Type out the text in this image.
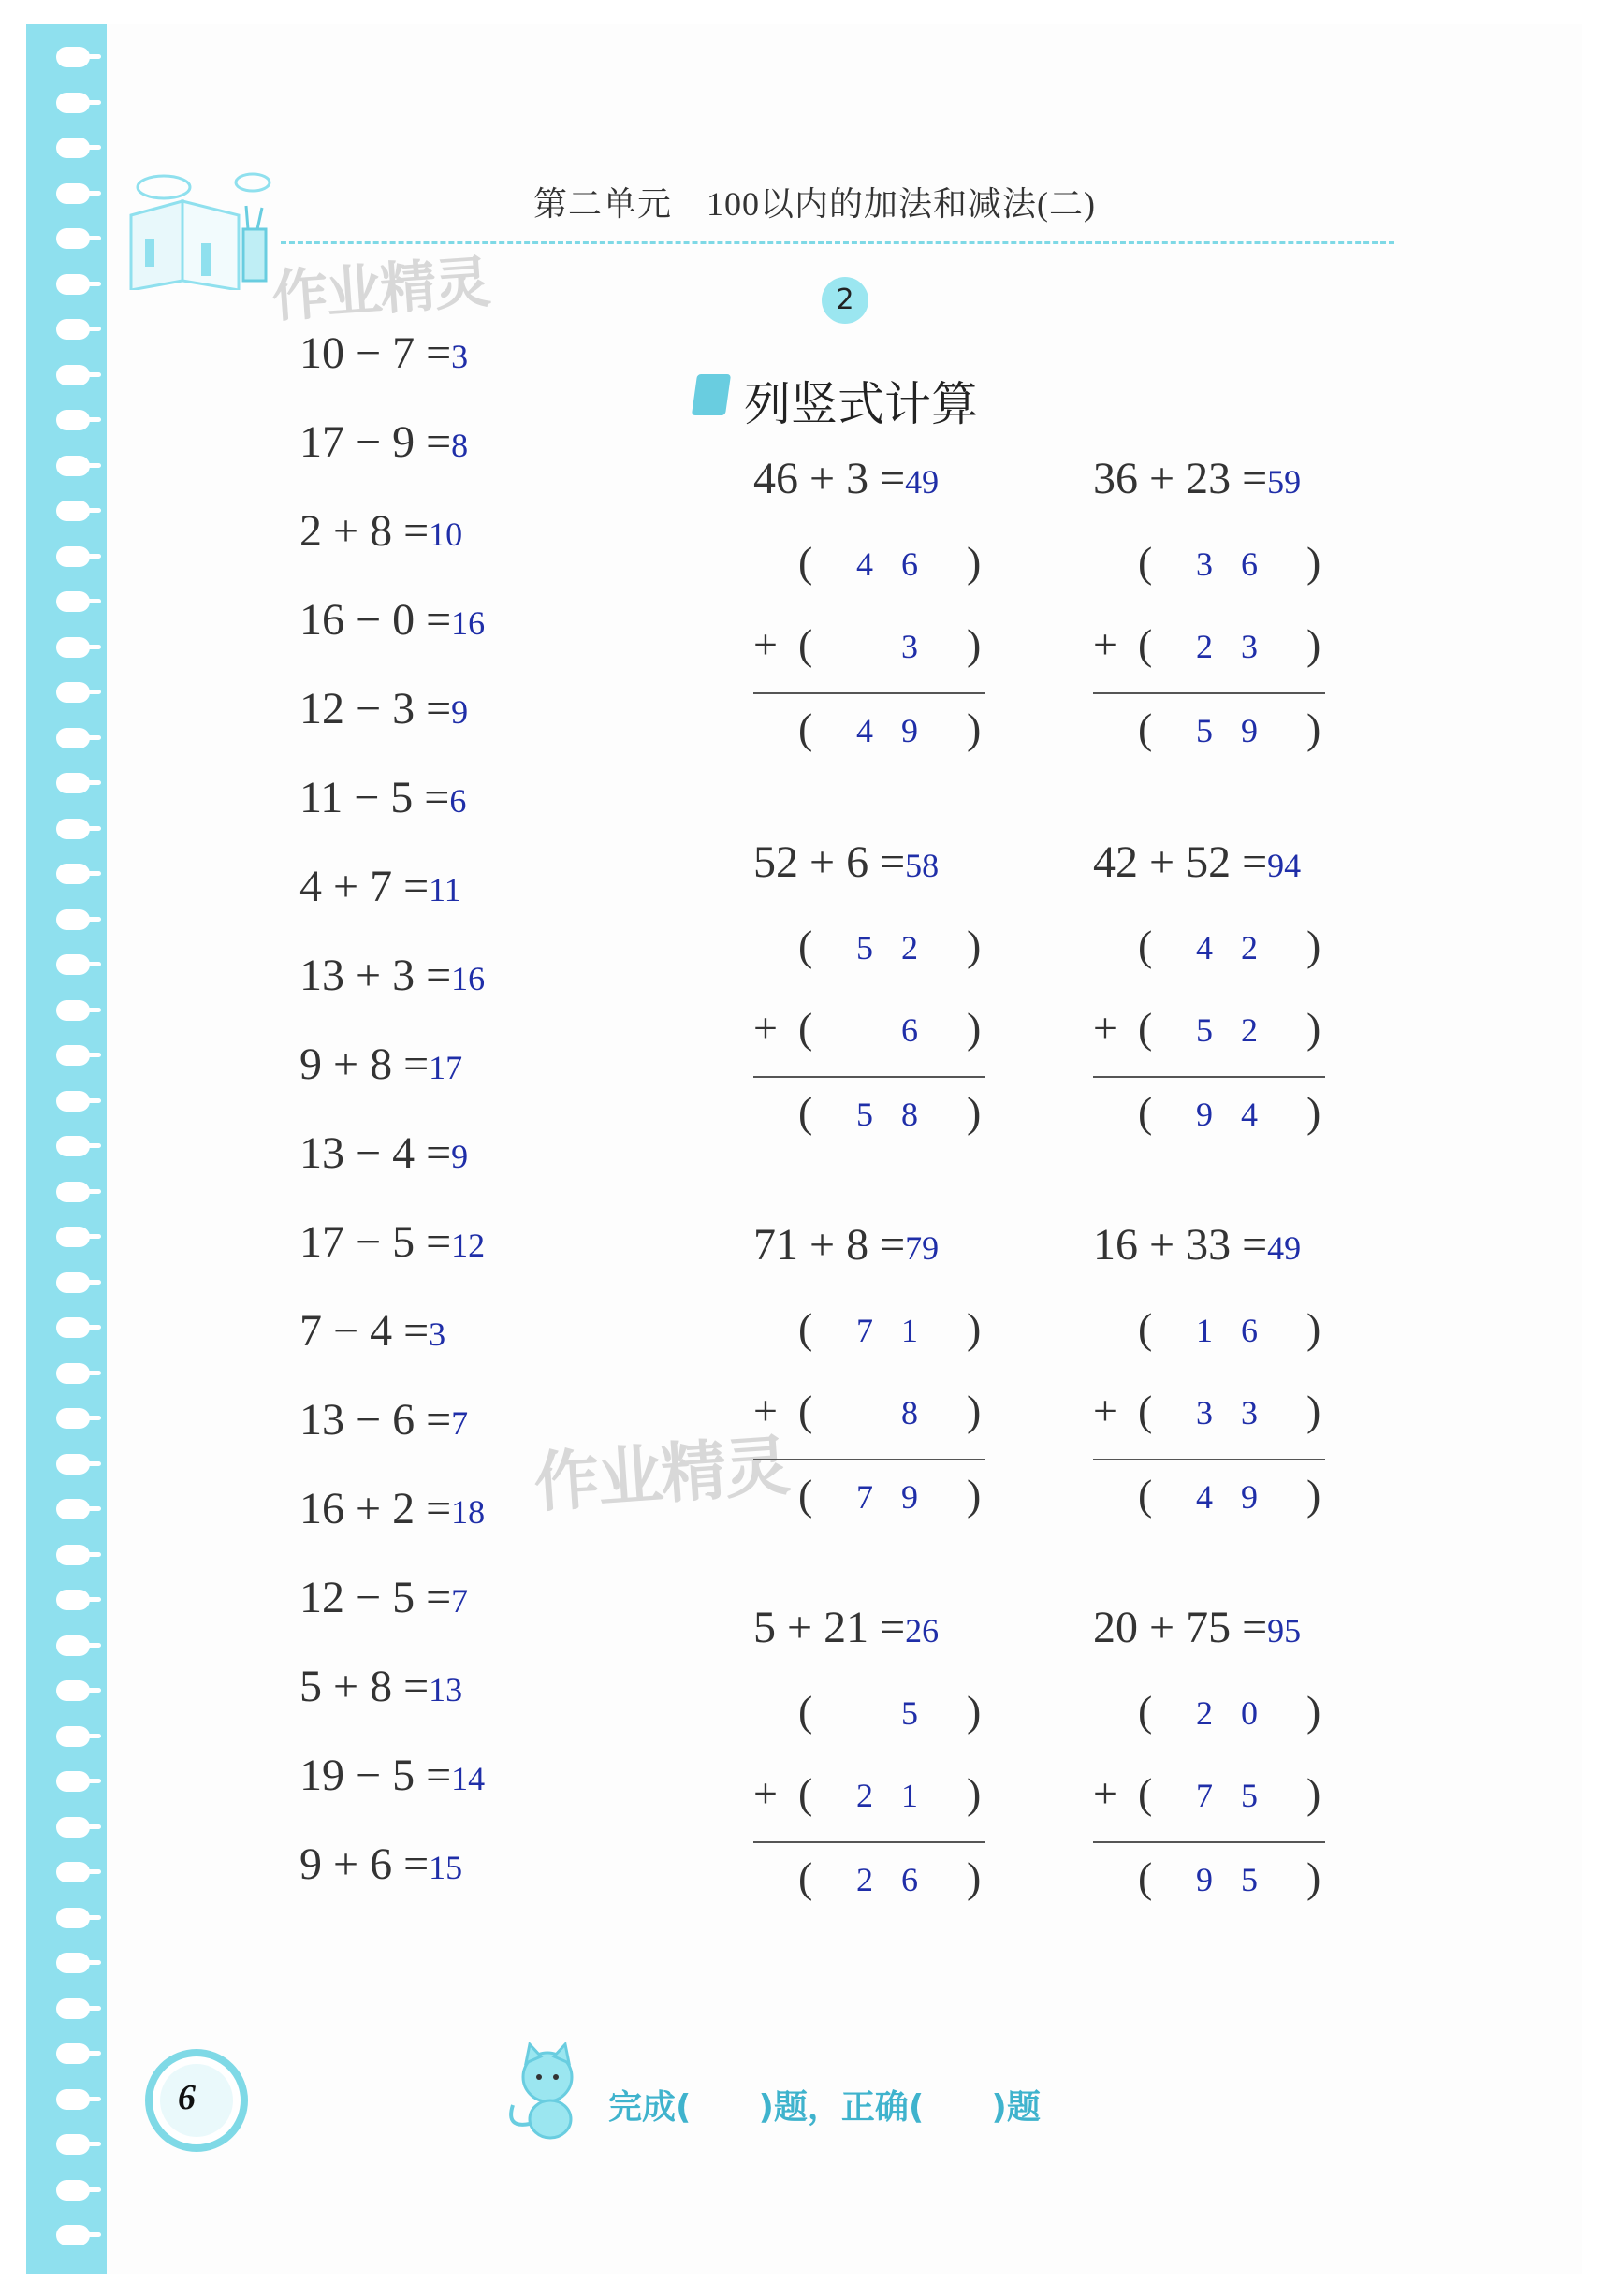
第二单元　100以内的加法和减法(二)
作业精灵
作业精灵
2
列竖式计算
10 − 7 =3
17 − 9 =8
2 + 8 =10
16 − 0 =16
12 − 3 =9
11 − 5 =6
4 + 7 =11
13 + 3 =16
9 + 8 =17
13 − 4 =9
17 − 5 =12
7 − 4 =3
13 − 6 =7
16 + 2 =18
12 − 5 =7
5 + 8 =13
19 − 5 =14
9 + 6 =15
46 + 3 =49
( 4 6 )
+ (	3 )
( 4 9 )
36 + 23 =59
( 3 6 )
+ ( 2 3 )
( 5 9 )
52 + 6 =58
( 5 2 )
+ (	6 )
( 5 8 )
42 + 52 =94
( 4 2 )
+ ( 5 2 )
( 9 4 )
71 + 8 =79
( 7 1 )
+ (	8 )
( 7 9 )
16 + 33 =49
( 1 6 )
+ ( 3 3 )
( 4 9 )
5 + 21 =26
(	5 )
+ ( 2 1 )
( 2 6 )
20 + 75 =95
( 2 0 )
+ ( 7 5 )
( 9 5 )
6	完成(　　)题，正确(　　)题
